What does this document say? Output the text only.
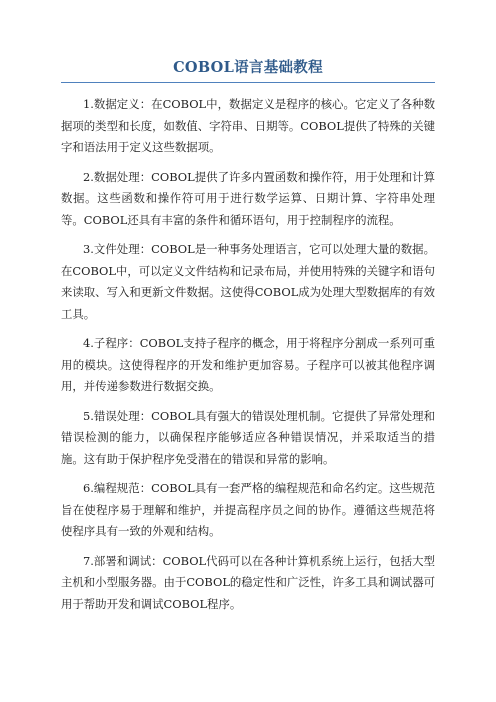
COBOL语言基础教程

1.数据定义：在COBOL中，数据定义是程序的核心。它定义了各种数据项的类型和长度，如数值、字符串、日期等。COBOL提供了特殊的关键字和语法用于定义这些数据项。

2.数据处理：COBOL提供了许多内置函数和操作符，用于处理和计算数据。这些函数和操作符可用于进行数学运算、日期计算、字符串处理等。COBOL还具有丰富的条件和循环语句，用于控制程序的流程。

3.文件处理：COBOL是一种事务处理语言，它可以处理大量的数据。在COBOL中，可以定义文件结构和记录布局，并使用特殊的关键字和语句来读取、写入和更新文件数据。这使得COBOL成为处理大型数据库的有效工具。

4.子程序：COBOL支持子程序的概念，用于将程序分割成一系列可重用的模块。这使得程序的开发和维护更加容易。子程序可以被其他程序调用，并传递参数进行数据交换。

5.错误处理：COBOL具有强大的错误处理机制。它提供了异常处理和错误检测的能力，以确保程序能够适应各种错误情况，并采取适当的措施。这有助于保护程序免受潜在的错误和异常的影响。

6.编程规范：COBOL具有一套严格的编程规范和命名约定。这些规范旨在使程序易于理解和维护，并提高程序员之间的协作。遵循这些规范将使程序具有一致的外观和结构。

7.部署和调试：COBOL代码可以在各种计算机系统上运行，包括大型主机和小型服务器。由于COBOL的稳定性和广泛性，许多工具和调试器可用于帮助开发和调试COBOL程序。
